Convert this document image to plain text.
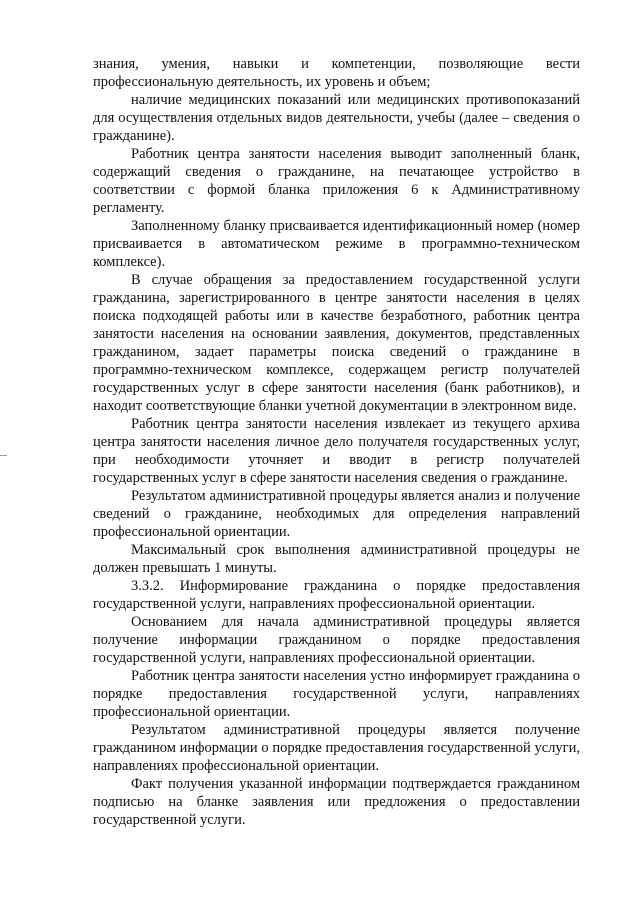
знания, умения, навыки и компетенции, позволяющие вести профессиональную деятельность, их уровень и объем;

наличие медицинских показаний или медицинских противопоказаний для осуществления отдельных видов деятельности, учебы (далее – сведения о гражданине).

Работник центра занятости населения выводит заполненный бланк, содержащий сведения о гражданине, на печатающее устройство в соответствии с формой бланка приложения 6 к Административному регламенту.

Заполненному бланку присваивается идентификационный номер (номер присваивается в автоматическом режиме в программно-техническом комплексе).

В случае обращения за предоставлением государственной услуги гражданина, зарегистрированного в центре занятости населения в целях поиска подходящей работы или в качестве безработного, работник центра занятости населения на основании заявления, документов, представленных гражданином, задает параметры поиска сведений о гражданине в программно-техническом комплексе, содержащем регистр получателей государственных услуг в сфере занятости населения (банк работников), и находит соответствующие бланки учетной документации в электронном виде.

Работник центра занятости населения извлекает из текущего архива центра занятости населения личное дело получателя государственных услуг, при необходимости уточняет и вводит в регистр получателей государственных услуг в сфере занятости населения сведения о гражданине.

Результатом административной процедуры является анализ и получение сведений о гражданине, необходимых для определения направлений профессиональной ориентации.

Максимальный срок выполнения административной процедуры не должен превышать 1 минуты.

3.3.2. Информирование гражданина о порядке предоставления государственной услуги, направлениях профессиональной ориентации.

Основанием для начала административной процедуры является получение информации гражданином о порядке предоставления государственной услуги, направлениях профессиональной ориентации.

Работник центра занятости населения устно информирует гражданина о порядке предоставления государственной услуги, направлениях профессиональной ориентации.

Результатом административной процедуры является получение гражданином информации о порядке предоставления государственной услуги, направлениях профессиональной ориентации.

Факт получения указанной информации подтверждается гражданином подписью на бланке заявления или предложения о предоставлении государственной услуги.
